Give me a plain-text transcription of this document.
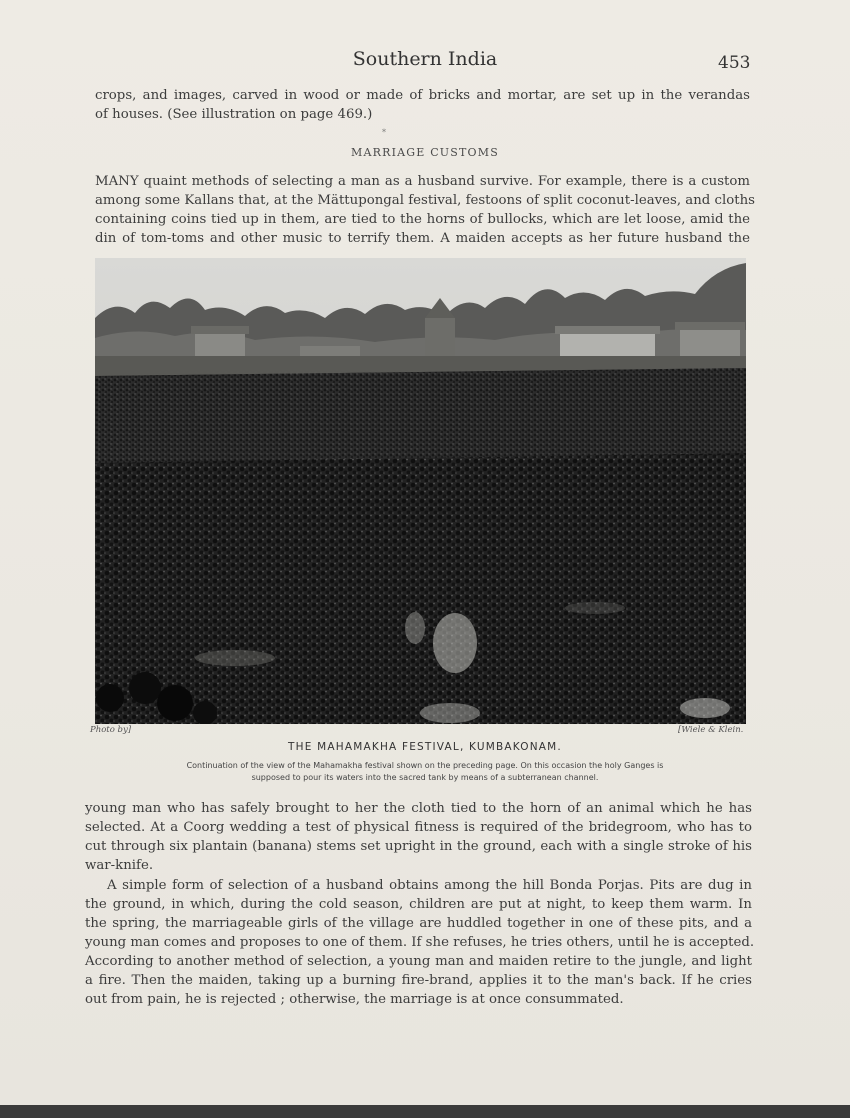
Southern India	453
crops, and images, carved in wood or made of bricks and mortar, are set up in the verandas
of houses. (See illustration on page 469.)
*
MARRIAGE CUSTOMS
MANY quaint methods of selecting a man as a husband survive. For example, there is a custom
among some Kallans that, at the Mättupongal festival, festoons of split coconut-leaves, and cloths
containing coins tied up in them, are tied to the horns of bullocks, which are let loose, amid the
din of tom-toms and other music to terrify them. A maiden accepts as her future husband the
Photo by]	[Wiele & Klein.
THE MAHAMAKHA FESTIVAL, KUMBAKONAM.
Continuation of the view of the Mahamakha festival shown on the preceding page. On this occasion the holy Ganges is
supposed to pour its waters into the sacred tank by means of a subterranean channel.
young man who has safely brought to her the cloth tied to the horn of an animal which he has
selected. At a Coorg wedding a test of physical fitness is required of the bridegroom, who has to
cut through six plantain (banana) stems set upright in the ground, each with a single stroke of his
war-knife.
A simple form of selection of a husband obtains among the hill Bonda Porjas. Pits are dug in
the ground, in which, during the cold season, children are put at night, to keep them warm. In
the spring, the marriageable girls of the village are huddled together in one of these pits, and a
young man comes and proposes to one of them. If she refuses, he tries others, until he is accepted.
According to another method of selection, a young man and maiden retire to the jungle, and light
a fire. Then the maiden, taking up a burning fire-brand, applies it to the man's back. If he cries
out from pain, he is rejected ; otherwise, the marriage is at once consummated.
